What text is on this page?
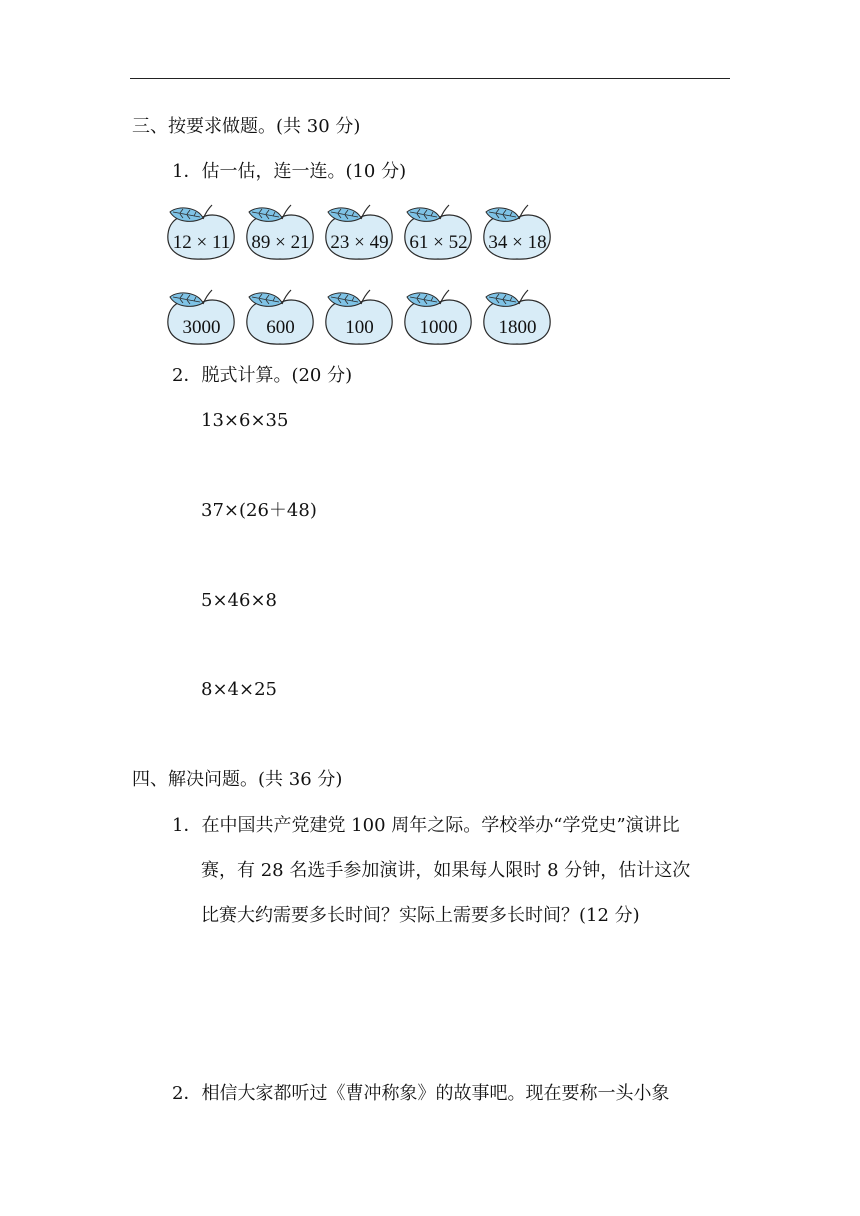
三、按要求做题。(共 30 分)
1．估一估，连一连。(10 分)
12 × 11	89 × 21	23 × 49	61 × 52	34 × 18
3000	600	100	1000	1800
2．脱式计算。(20 分)
13×6×35
37×(26＋48)
5×46×8
8×4×25
四、解决问题。(共 36 分)
1．在中国共产党建党 100 周年之际。学校举办“学党史”演讲比
赛，有 28 名选手参加演讲，如果每人限时 8 分钟，估计这次
比赛大约需要多长时间？实际上需要多长时间？(12 分)
2．相信大家都听过《曹冲称象》的故事吧。现在要称一头小象
